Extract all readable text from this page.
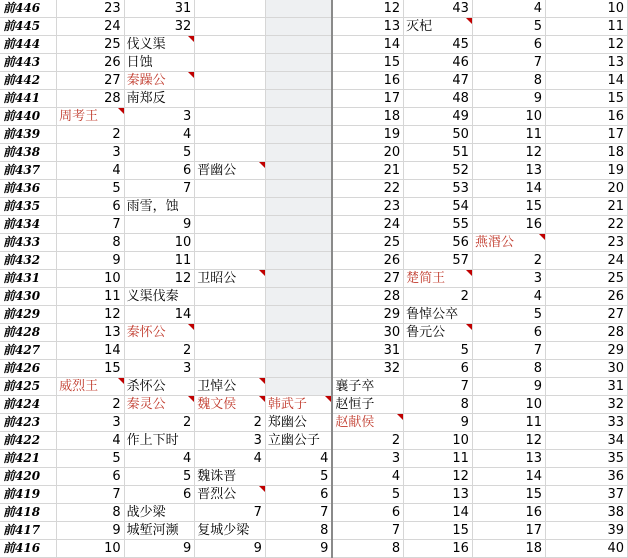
前446	23	31			12	43	4	10
前445	24	32			13	灭杞	5	11
前444	25	伐义渠			14	45	6	12
前443	26	日蚀			15	46	7	13
前442	27	秦躁公			16	47	8	14
前441	28	南郑反			17	48	9	15
前440	周考王	3			18	49	10	16
前439	2	4			19	50	11	17
前438	3	5			20	51	12	18
前437	4	6	晋幽公		21	52	13	19
前436	5	7			22	53	14	20
前435	6	雨雪，蚀			23	54	15	21
前434	7	9			24	55	16	22
前433	8	10			25	56	燕湣公	23
前432	9	11			26	57	2	24
前431	10	12	卫昭公		27	楚简王	3	25
前430	11	义渠伐秦			28	2	4	26
前429	12	14			29	鲁悼公卒	5	27
前428	13	秦怀公			30	鲁元公	6	28
前427	14	2			31	5	7	29
前426	15	3			32	6	8	30
前425	威烈王	杀怀公	卫悼公		襄子卒	7	9	31
前424	2	秦灵公	魏文侯	韩武子	赵恒子	8	10	32
前423	3	2	2	郑幽公	赵献侯	9	11	33
前422	4	作上下时	3	立幽公子	2	10	12	34
前421	5	4	4	4	3	11	13	35
前420	6	5	魏诛晋	5	4	12	14	36
前419	7	6	晋烈公	6	5	13	15	37
前418	8	战少梁	7	7	6	14	16	38
前417	9	城堑河濒	复城少梁	8	7	15	17	39
前416	10	9	9	9	8	16	18	40
